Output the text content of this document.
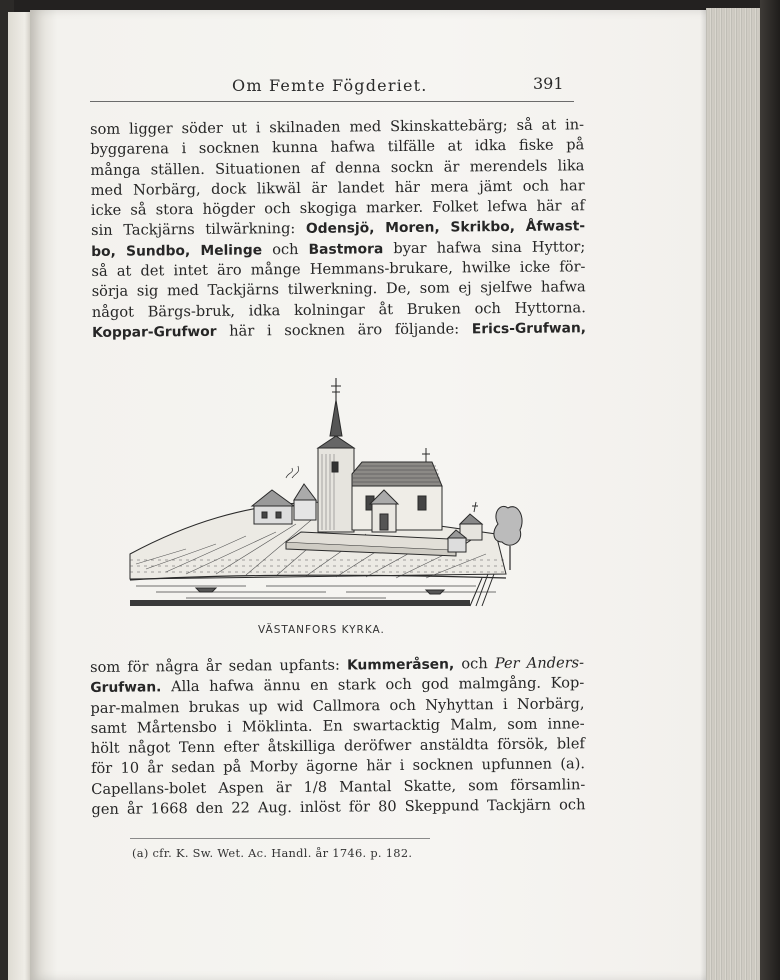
Om Femte Fögderiet.	391
som ligger söder ut i skilnaden med Skinskattebärg; så at in-
byggarena i socknen kunna hafwa tilfälle at idka fiske på
många ställen. Situationen af denna sockn är merendels lika
med Norbärg, dock likwäl är landet här mera jämt och har
icke så stora högder och skogiga marker. Folket lefwa här af
sin Tackjärns tilwärkning: Odensjö, Moren, Skrikbo, Åfwast-
bo, Sundbo, Melinge och Bastmora byar hafwa sina Hyttor;
så at det intet äro månge Hemmans-brukare, hwilke icke för-
sörja sig med Tackjärns tilwerkning. De, som ej sjelfwe hafwa
något Bärgs-bruk, idka kolningar åt Bruken och Hyttorna.
Koppar-Grufwor här i socknen äro följande: Erics-Grufwan,
VÄSTANFORS KYRKA.
som för några år sedan upfants: Kummeråsen, och Per Anders-
Grufwan. Alla hafwa ännu en stark och god malmgång. Kop-
par-malmen brukas up wid Callmora och Nyhyttan i Norbärg,
samt Mårtensbo i Möklinta. En swartacktig Malm, som inne-
hölt något Tenn efter åtskilliga deröfwer anstäldta försök, blef
för 10 år sedan på Morby ägorne här i socknen upfunnen (a).
Capellans-bolet Aspen är 1/8 Mantal Skatte, som församlin-
gen år 1668 den 22 Aug. inlöst för 80 Skeppund Tackjärn och
(a) cfr. K. Sw. Wet. Ac. Handl. år 1746. p. 182.
